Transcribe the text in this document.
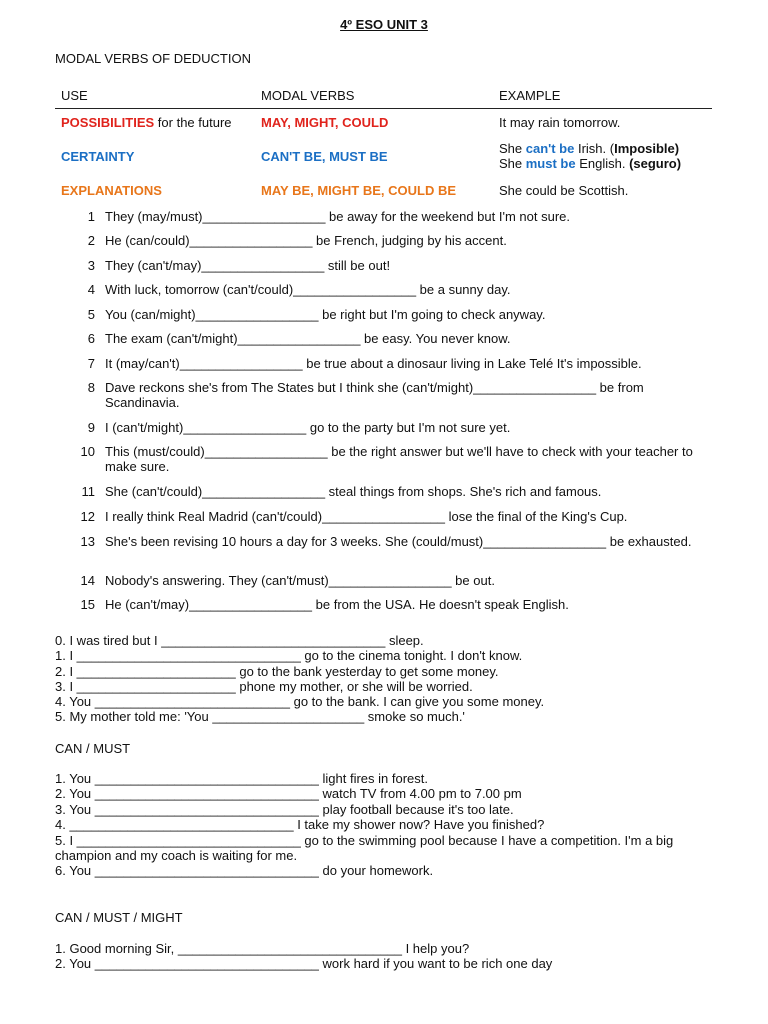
4º ESO UNIT 3
MODAL VERBS OF DEDUCTION
USE	MODAL VERBS	EXAMPLE
POSSIBILITIES for the future MAY, MIGHT, COULD	It may rain tomorrow.
CERTAINTY	CAN'T BE, MUST BE
She can't be Irish. (Imposible)
She must be English. (seguro)
EXPLANATIONS	MAY BE, MIGHT BE, COULD BE	She could be Scottish.
1 They (may/must)_________________ be away for the weekend but I'm not sure.
2 He (can/could)_________________ be French, judging by his accent.
3 They (can't/may)_________________ still be out!
4 With luck, tomorrow (can't/could)_________________ be a sunny day.
5 You (can/might)_________________ be right but I'm going to check anyway.
6 The exam (can't/might)_________________ be easy. You never know.
7 It (may/can't)_________________ be true about a dinosaur living in Lake Telé It's impossible.
8 Dave reckons she's from The States but I think she (can't/might)_________________ be from Scandinavia.
9 I (can't/might)_________________ go to the party but I'm not sure yet.
10 This (must/could)_________________ be the right answer but we'll have to check with your teacher to make sure.
11 She (can't/could)_________________ steal things from shops. She's rich and famous.
12 I really think Real Madrid (can't/could)_________________ lose the final of the King's Cup.
13 She's been revising 10 hours a day for 3 weeks. She (could/must)_________________ be exhausted.
14 Nobody's answering. They (can't/must)_________________ be out.
15 He (can't/may)_________________ be from the USA. He doesn't speak English.
0. I was tired but I _______________________________ sleep.
1. I _______________________________ go to the cinema tonight. I don't know.
2. I ______________________ go to the bank yesterday to get some money.
3. I ______________________ phone my mother, or she will be worried.
4. You ___________________________ go to the bank. I can give you some money.
5. My mother told me: 'You _____________________ smoke so much.'
CAN / MUST
1. You _______________________________ light fires in forest.
2. You _______________________________ watch TV from 4.00 pm to 7.00 pm
3. You _______________________________ play football because it's too late.
4. _______________________________ I take my shower now? Have you finished?
5. I _______________________________ go to the swimming pool because I have a competition. I'm a big champion and my coach is waiting for me.
6. You _______________________________ do your homework.
CAN / MUST / MIGHT
1. Good morning Sir, _______________________________ I help you?
2. You _______________________________ work hard if you want to be rich one day
